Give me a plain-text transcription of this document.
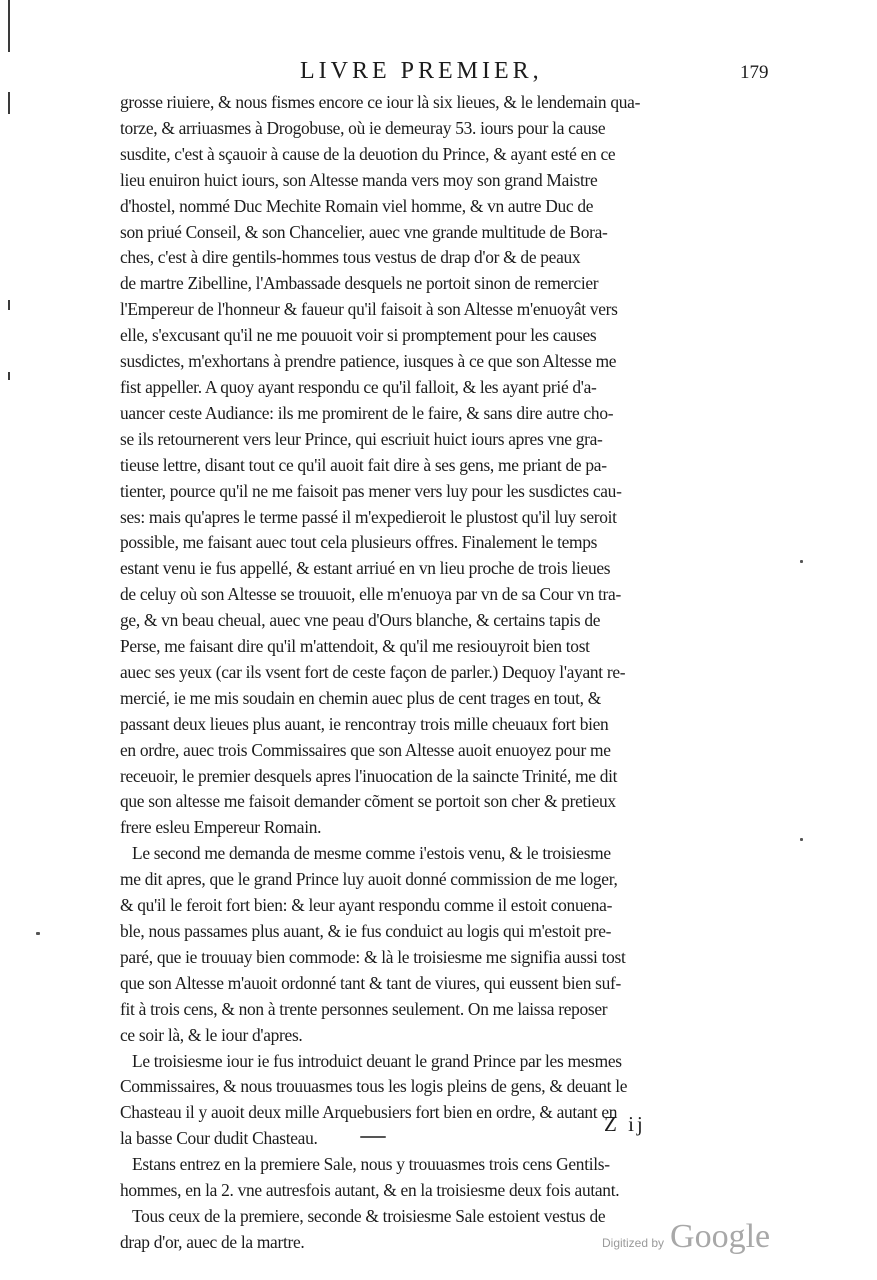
LIVRE PREMIER,	179
grosse riuiere, & nous fismes encore ce iour là six lieues, & le lendemain qua-
torze, & arriuasmes à Drogobuse, où ie demeuray 53. iours pour la cause
susdite, c'est à sçauoir à cause de la deuotion du Prince, & ayant esté en ce
lieu enuiron huict iours, son Altesse manda vers moy son grand Maistre
d'hostel, nommé Duc Mechite Romain viel homme, & vn autre Duc de
son priué Conseil, & son Chancelier, auec vne grande multitude de Bora-
ches, c'est à dire gentils-hommes tous vestus de drap d'or & de peaux
de martre Zibelline, l'Ambassade desquels ne portoit sinon de remercier
l'Empereur de l'honneur & faueur qu'il faisoit à son Altesse m'enuoyât vers
elle, s'excusant qu'il ne me pouuoit voir si promptement pour les causes
susdictes, m'exhortans à prendre patience, iusques à ce que son Altesse me
fist appeller. A quoy ayant respondu ce qu'il falloit, & les ayant prié d'a-
uancer ceste Audiance: ils me promirent de le faire, & sans dire autre cho-
se ils retournerent vers leur Prince, qui escriuit huict iours apres vne gra-
tieuse lettre, disant tout ce qu'il auoit fait dire à ses gens, me priant de pa-
tienter, pource qu'il ne me faisoit pas mener vers luy pour les susdictes cau-
ses: mais qu'apres le terme passé il m'expedieroit le plustost qu'il luy seroit
possible, me faisant auec tout cela plusieurs offres. Finalement le temps
estant venu ie fus appellé, & estant arriué en vn lieu proche de trois lieues
de celuy où son Altesse se trouuoit, elle m'enuoya par vn de sa Cour vn tra-
ge, & vn beau cheual, auec vne peau d'Ours blanche, & certains tapis de
Perse, me faisant dire qu'il m'attendoit, & qu'il me resiouyroit bien tost
auec ses yeux (car ils vsent fort de ceste façon de parler.) Dequoy l'ayant re-
mercié, ie me mis soudain en chemin auec plus de cent trages en tout, &
passant deux lieues plus auant, ie rencontray trois mille cheuaux fort bien
en ordre, auec trois Commissaires que son Altesse auoit enuoyez pour me
receuoir, le premier desquels apres l'inuocation de la saincte Trinité, me dit
que son altesse me faisoit demander cõment se portoit son cher & pretieux
frere esleu Empereur Romain.
Le second me demanda de mesme comme i'estois venu, & le troisiesme
me dit apres, que le grand Prince luy auoit donné commission de me loger,
& qu'il le feroit fort bien: & leur ayant respondu comme il estoit conuena-
ble, nous passames plus auant, & ie fus conduict au logis qui m'estoit pre-
paré, que ie trouuay bien commode: & là le troisiesme me signifia aussi tost
que son Altesse m'auoit ordonné tant & tant de viures, qui eussent bien suf-
fit à trois cens, & non à trente personnes seulement. On me laissa reposer
ce soir là, & le iour d'apres.
Le troisiesme iour ie fus introduict deuant le grand Prince par les mesmes
Commissaires, & nous trouuasmes tous les logis pleins de gens, & deuant le
Chasteau il y auoit deux mille Arquebusiers fort bien en ordre, & autant en
la basse Cour dudit Chasteau.
Estans entrez en la premiere Sale, nous y trouuasmes trois cens Gentils-
hommes, en la 2. vne autresfois autant, & en la troisiesme deux fois autant.
Tous ceux de la premiere, seconde & troisiesme Sale estoient vestus de
drap d'or, auec de la martre.
Z ij
Digitized by Google
